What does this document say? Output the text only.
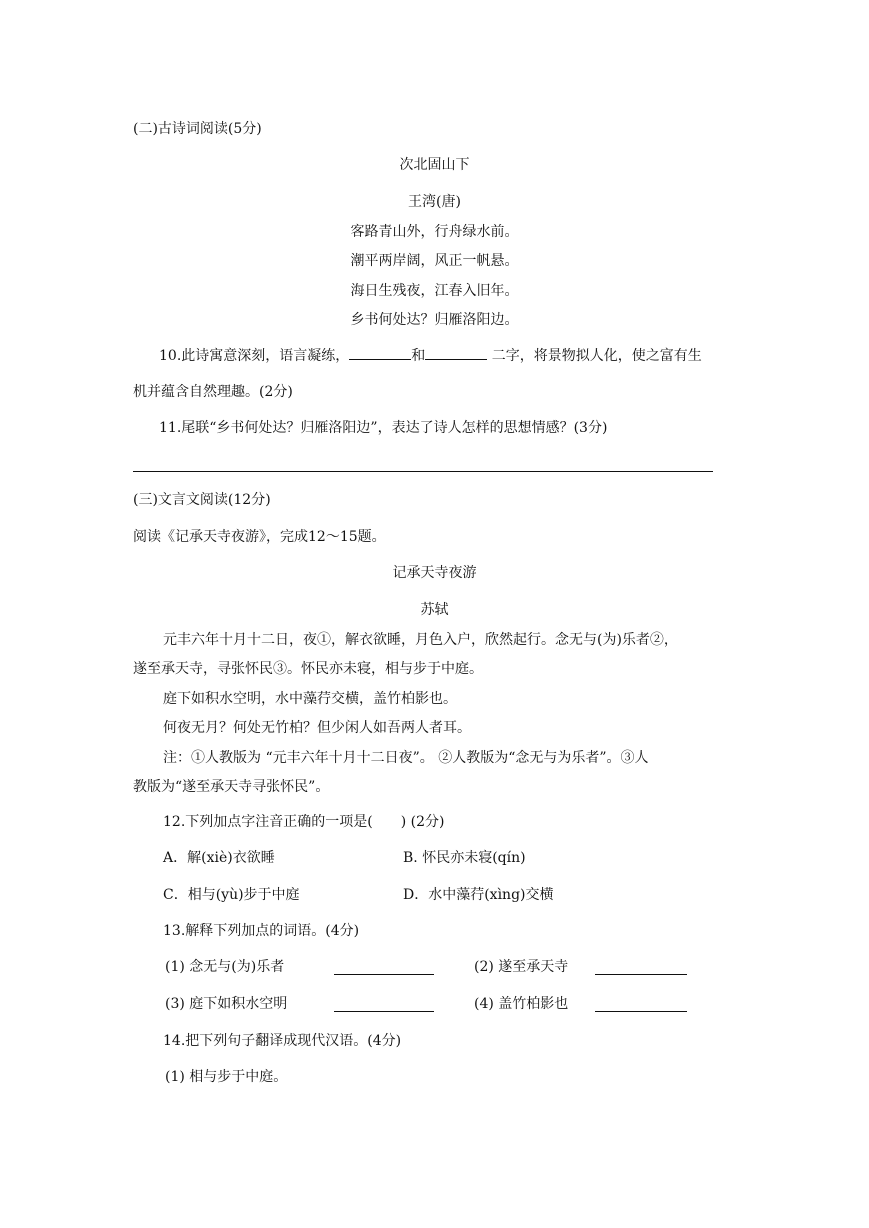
(二)古诗词阅读(5分)
次北固山下
王湾(唐)
客路青山外，行舟绿水前。
潮平两岸阔，风正一帆悬。
海日生残夜，江春入旧年。
乡书何处达？归雁洛阳边。
10.此诗寓意深刻，语言凝练，	和	二字，将景物拟人化，使之富有生
机并蕴含自然理趣。(2分)
11.尾联“乡书何处达？归雁洛阳边”，表达了诗人怎样的思想情感？(3分)
(三)文言文阅读(12分)
阅读《记承天寺夜游》，完成12～15题。
记承天寺夜游
苏轼
元丰六年十月十二日，夜①，解衣欲睡，月色入户，欣然起行。念无与(为)乐者②，
遂至承天寺，寻张怀民③。怀民亦未寝，相与步于中庭。
庭下如积水空明，水中藻荇交横，盖竹柏影也。
何夜无月？何处无竹柏？但少闲人如吾两人者耳。
注：①人教版为 “元丰六年十月十二日夜”。 ②人教版为“念无与为乐者”。③人
教版为“遂至承天寺寻张怀民”。
12.下列加点字注音正确的一项是(　　) (2分)
A．解(xiè)衣欲睡	B. 怀民亦未寝(qín)
C．相与(yù)步于中庭	D．水中藻荇(xìng)交横
13.解释下列加点的词语。(4分)
(1) 念无与(为)乐者	(2) 遂至承天寺
(3) 庭下如积水空明	(4) 盖竹柏影也
14.把下列句子翻译成现代汉语。(4分)
(1) 相与步于中庭。
